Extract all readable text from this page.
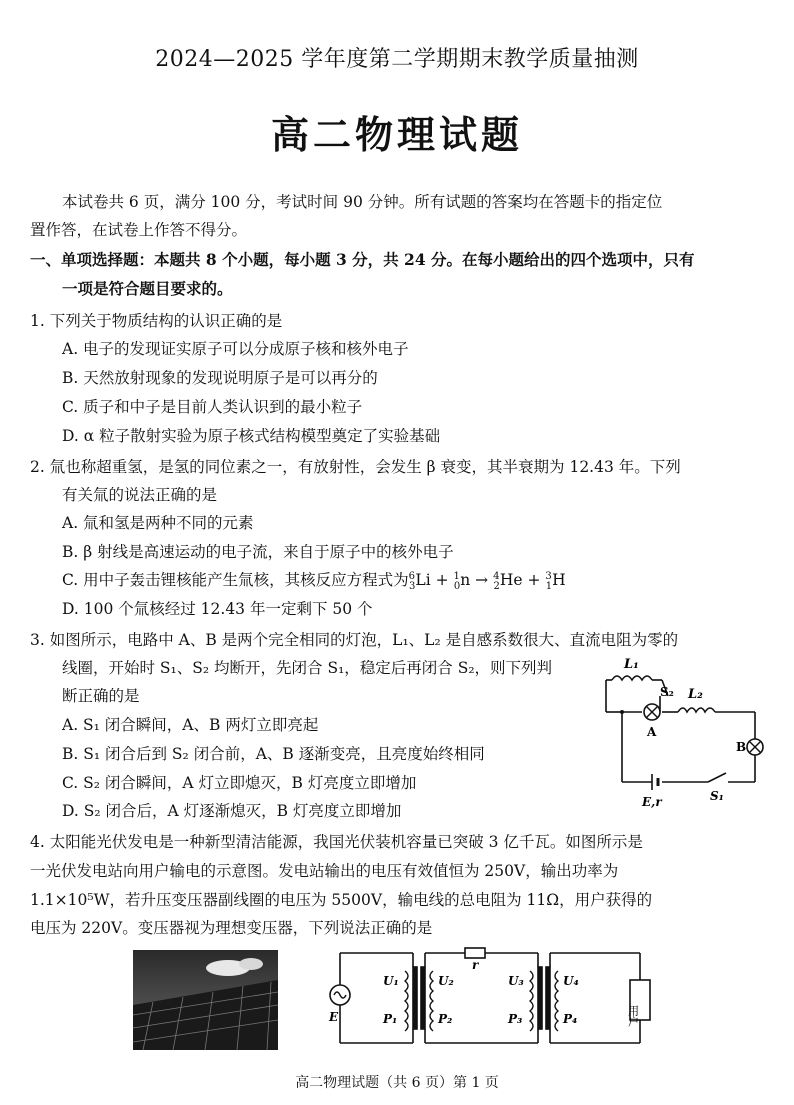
2024—2025 学年度第二学期期末教学质量抽测
高二物理试题
本试卷共 6 页，满分 100 分，考试时间 90 分钟。所有试题的答案均在答题卡的指定位
置作答，在试卷上作答不得分。
一、单项选择题：本题共 8 个小题，每小题 3 分，共 24 分。在每小题给出的四个选项中，只有
一项是符合题目要求的。
1. 下列关于物质结构的认识正确的是
A. 电子的发现证实原子可以分成原子核和核外电子
B. 天然放射现象的发现说明原子是可以再分的
C. 质子和中子是目前人类认识到的最小粒子
D. α 粒子散射实验为原子核式结构模型奠定了实验基础
2. 氚也称超重氢，是氢的同位素之一，有放射性，会发生 β 衰变，其半衰期为 12.43 年。下列
有关氚的说法正确的是
A. 氚和氢是两种不同的元素
B. β 射线是高速运动的电子流，来自于原子中的核外电子
C. 用中子轰击锂核能产生氚核，其核反应方程式为$^6_3$Li + $^1_0$n → $^4_2$He + $^3_1$H
D. 100 个氚核经过 12.43 年一定剩下 50 个
3. 如图所示，电路中 A、B 是两个完全相同的灯泡，L₁、L₂ 是自感系数很大、直流电阻为零的
线圈，开始时 S₁、S₂ 均断开，先闭合 S₁，稳定后再闭合 S₂，则下列判
断正确的是
A. S₁ 闭合瞬间，A、B 两灯立即亮起
B. S₁ 闭合后到 S₂ 闭合前，A、B 逐渐变亮，且亮度始终相同
C. S₂ 闭合瞬间，A 灯立即熄灭，B 灯亮度立即增加
D. S₂ 闭合后，A 灯逐渐熄灭，B 灯亮度立即增加
L₁
S₂ L₂
A
B
E,r	S₁
4. 太阳能光伏发电是一种新型清洁能源，我国光伏装机容量已突破 3 亿千瓦。如图所示是
一光伏发电站向用户输电的示意图。发电站输出的电压有效值恒为 250V，输出功率为
1.1×10⁵W，若升压变压器副线圈的电压为 5500V，输电线的总电阻为 11Ω，用户获得的
电压为 220V。变压器视为理想变压器，下列说法正确的是
E
U₁
P₁
U₂
P₂
r
U₃
P₃
U₄
P₄	用户
高二物理试题（共 6 页）第 1 页
